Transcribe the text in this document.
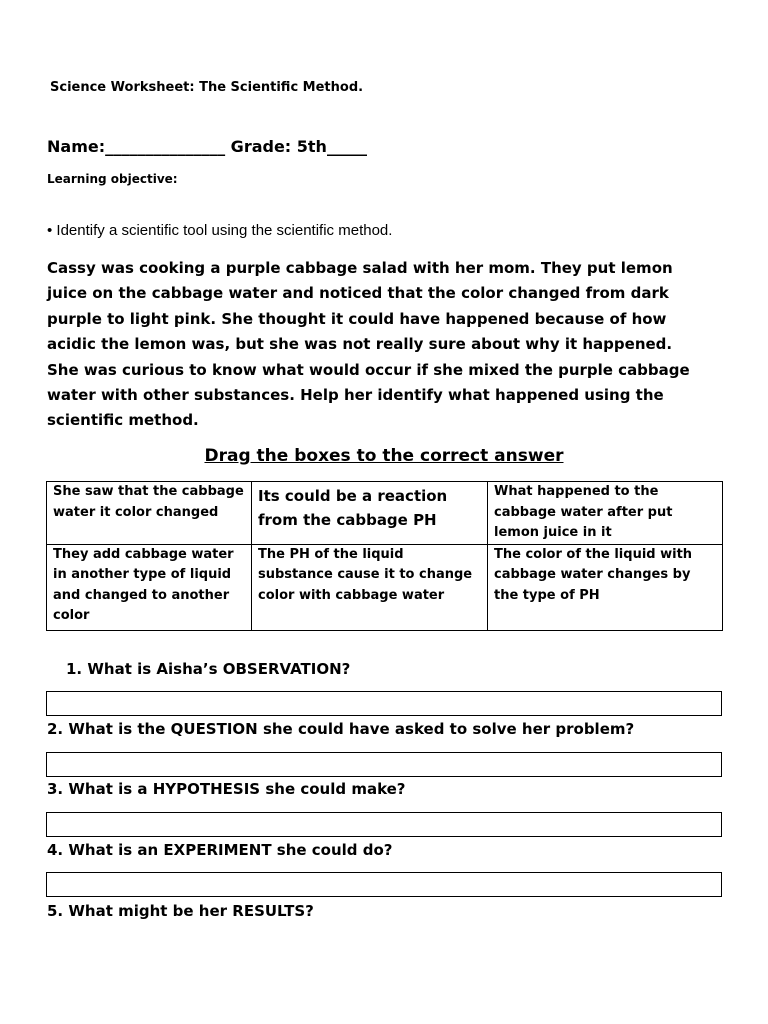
Science Worksheet: The Scientific Method.
Name:_______________ Grade: 5th_____
Learning objective:
• Identify a scientific tool using the scientific method.

Cassy was cooking a purple cabbage salad with her mom. They put lemon

juice on the cabbage water and noticed that the color changed from dark

purple to light pink. She thought it could have happened because of how

acidic the lemon was, but she was not really sure about why it happened.

She was curious to know what would occur if she mixed the purple cabbage

water with other substances. Help her identify what happened using the

scientific method.

Drag the boxes to the correct answer
She saw that the cabbage water it color changed	Its could be a reaction from the cabbage PH	What happened to the cabbage water after put lemon juice in it
They add cabbage water in another type of liquid and changed to another color	The PH of the liquid substance cause it to change color with cabbage water	The color of the liquid with cabbage water changes by the type of PH
1. What is Aisha’s OBSERVATION?
2. What is the QUESTION she could have asked to solve her problem?
3. What is a HYPOTHESIS she could make?
4. What is an EXPERIMENT she could do?
5. What might be her RESULTS?
